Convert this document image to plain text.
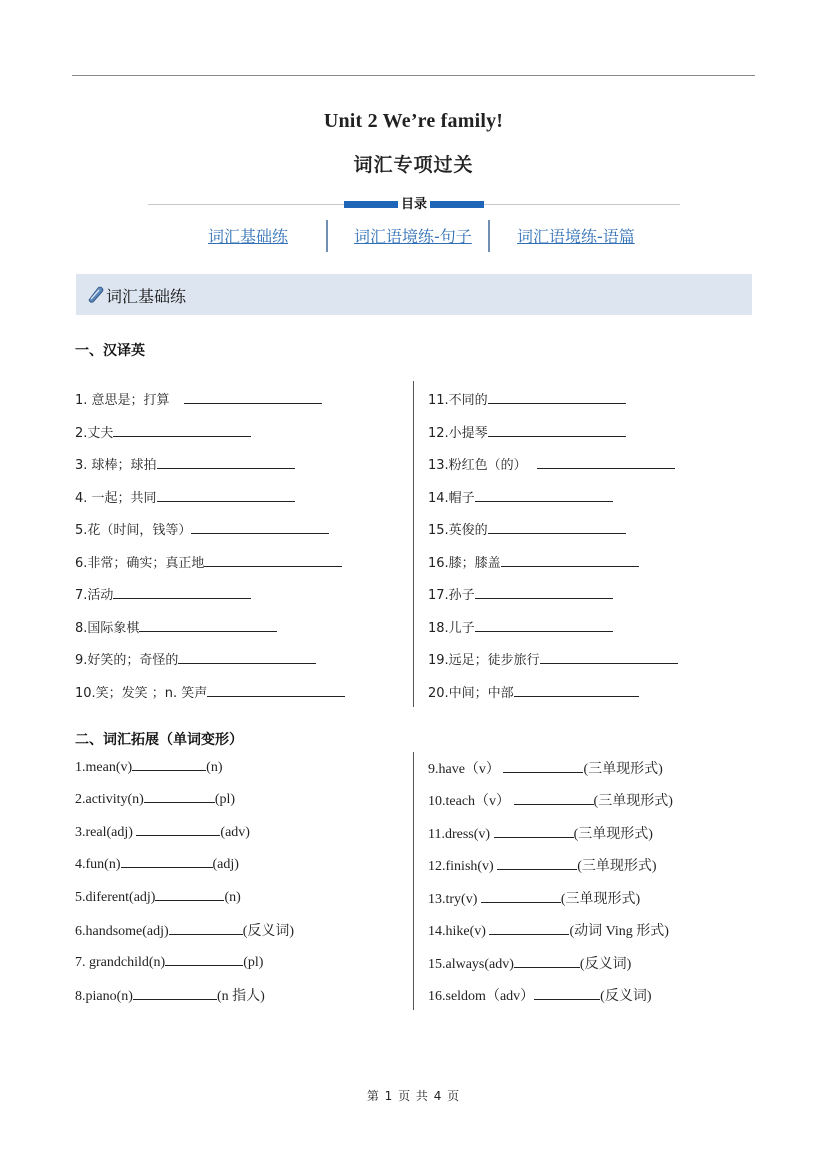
Unit 2 We’re family!
词汇专项过关
目录
词汇基础练	词汇语境练-句子	词汇语境练-语篇
词汇基础练
一、汉译英
1. 意思是；打算
2.丈夫
3. 球棒；球拍
4. 一起；共同
5.花（时间，钱等）
6.非常；确实；真正地
7.活动
8.国际象棋
9.好笑的；奇怪的
10.笑；发笑 ；n. 笑声
11.不同的
12.小提琴
13.粉红色（的）
14.帽子
15.英俊的
16.膝；膝盖
17.孙子
18.儿子
19.远足；徒步旅行
20.中间；中部
二、词汇拓展（单词变形）
1.mean(v)	(n)
2.activity(n)	(pl)
3.real(adj)	(adv)
4.fun(n)	(adj)
5.diferent(adj)	(n)
6.handsome(adj)	(反义词)
7. grandchild(n)	(pl)
8.piano(n)	(n 指人)
9.have（v）	(三单现形式)
10.teach（v）	(三单现形式)
11.dress(v)	(三单现形式)
12.finish(v)	(三单现形式)
13.try(v)	(三单现形式)
14.hike(v)	(动词 Ving 形式)
15.always(adv)	(反义词)
16.seldom（adv）	(反义词)
第 1 页 共 4 页
